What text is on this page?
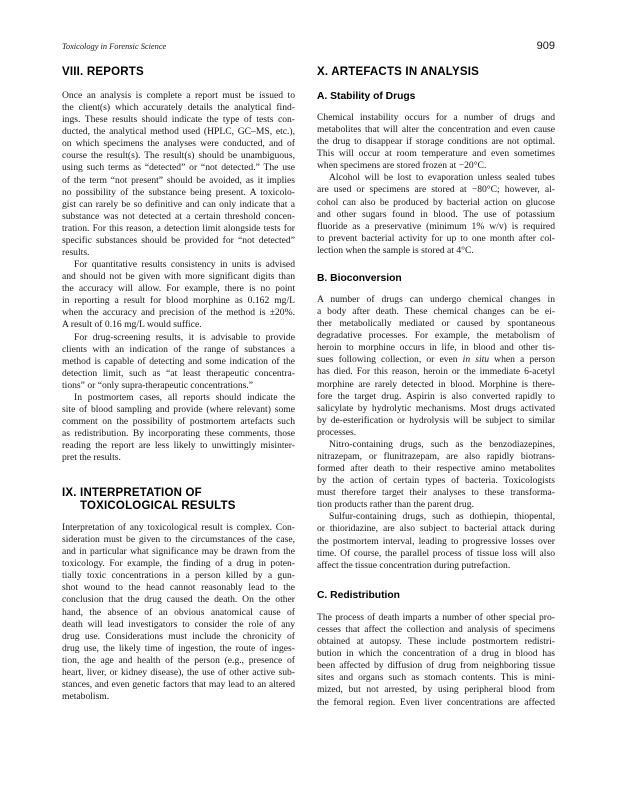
Toxicology in Forensic Science	909
VIII. REPORTS
Once an analysis is complete a report must be issued to
the client(s) which accurately details the analytical find-
ings. These results should indicate the type of tests con-
ducted, the analytical method used (HPLC, GC–MS, etc.),
on which specimens the analyses were conducted, and of
course the result(s). The result(s) should be unambiguous,
using such terms as “detected” or “not detected.” The use
of the term “not present” should be avoided, as it implies
no possibility of the substance being present. A toxicolo-
gist can rarely be so definitive and can only indicate that a
substance was not detected at a certain threshold concen-
tration. For this reason, a detection limit alongside tests for
specific substances should be provided for “not detected”
results.
For quantitative results consistency in units is advised
and should not be given with more significant digits than
the accuracy will allow. For example, there is no point
in reporting a result for blood morphine as 0.162 mg/L
when the accuracy and precision of the method is ±20%.
A result of 0.16 mg/L would suffice.
For drug-screening results, it is advisable to provide
clients with an indication of the range of substances a
method is capable of detecting and some indication of the
detection limit, such as “at least therapeutic concentra-
tions” or “only supra-therapeutic concentrations.”
In postmortem cases, all reports should indicate the
site of blood sampling and provide (where relevant) some
comment on the possibility of postmortem artefacts such
as redistribution. By incorporating these comments, those
reading the report are less likely to unwittingly misinter-
pret the results.
IX. INTERPRETATION OF
TOXICOLOGICAL RESULTS
Interpretation of any toxicological result is complex. Con-
sideration must be given to the circumstances of the case,
and in particular what significance may be drawn from the
toxicology. For example, the finding of a drug in poten-
tially toxic concentrations in a person killed by a gun-
shot wound to the head cannot reasonably lead to the
conclusion that the drug caused the death. On the other
hand, the absence of an obvious anatomical cause of
death will lead investigators to consider the role of any
drug use. Considerations must include the chronicity of
drug use, the likely time of ingestion, the route of inges-
tion, the age and health of the person (e.g., presence of
heart, liver, or kidney disease), the use of other active sub-
stances, and even genetic factors that may lead to an altered
metabolism.
X. ARTEFACTS IN ANALYSIS
A. Stability of Drugs
Chemical instability occurs for a number of drugs and
metabolites that will alter the concentration and even cause
the drug to disappear if storage conditions are not optimal.
This will occur at room temperature and even sometimes
when specimens are stored frozen at −20°C.
Alcohol will be lost to evaporation unless sealed tubes
are used or specimens are stored at −80°C; however, al-
cohol can also be produced by bacterial action on glucose
and other sugars found in blood. The use of potassium
fluoride as a preservative (minimum 1% w/v) is required
to prevent bacterial activity for up to one month after col-
lection when the sample is stored at 4°C.
B. Bioconversion
A number of drugs can undergo chemical changes in
a body after death. These chemical changes can be ei-
ther metabolically mediated or caused by spontaneous
degradative processes. For example, the metabolism of
heroin to morphine occurs in life, in blood and other tis-
sues following collection, or even in situ when a person
has died. For this reason, heroin or the immediate 6-acetyl
morphine are rarely detected in blood. Morphine is there-
fore the target drug. Aspirin is also converted rapidly to
salicylate by hydrolytic mechanisms. Most drugs activated
by de-esterification or hydrolysis will be subject to similar
processes.
Nitro-containing drugs, such as the benzodiazepines,
nitrazepam, or flunitrazepam, are also rapidly biotrans-
formed after death to their respective amino metabolites
by the action of certain types of bacteria. Toxicologists
must therefore target their analyses to these transforma-
tion products rather than the parent drug.
Sulfur-containing drugs, such as dothiepin, thiopental,
or thioridazine, are also subject to bacterial attack during
the postmortem interval, leading to progressive losses over
time. Of course, the parallel process of tissue loss will also
affect the tissue concentration during putrefaction.
C. Redistribution
The process of death imparts a number of other special pro-
cesses that affect the collection and analysis of specimens
obtained at autopsy. These include postmortem redistri-
bution in which the concentration of a drug in blood has
been affected by diffusion of drug from neighboring tissue
sites and organs such as stomach contents. This is mini-
mized, but not arrested, by using peripheral blood from
the femoral region. Even liver concentrations are affected
